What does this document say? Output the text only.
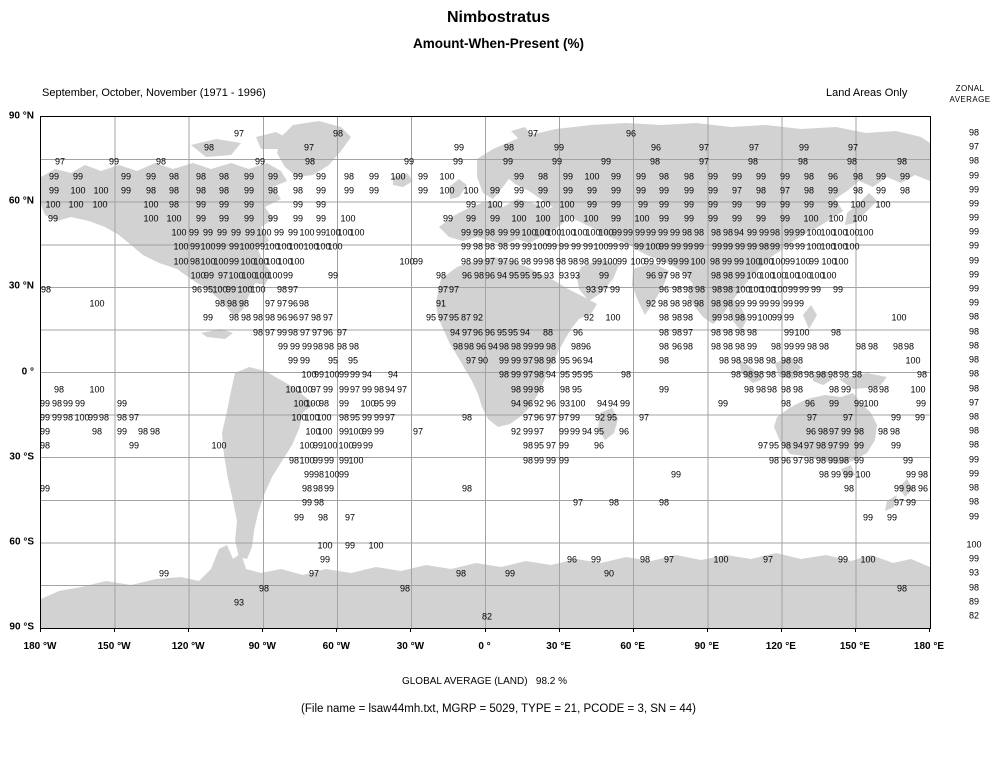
Nimbostratus
Amount-When-Present (%)
September, October, November (1971 - 1996)	Land Areas Only	ZONAL
AVERAGE
97	98	97	96
98	97	99	98	99	96	97	97	99	97
97	99	98	99	98	99	99	99	99	99	98	97	98	98	98	98
99 99	99 99 98 98 98 99 99 99 99 98 99 100 99 100	99 98 99 100 99 99 98 98 99 99 99 99 98 96 98 99 99
99 100 100 99 98 98 98 98 99 98 98 99 99 99	99 100 100 99 99 99 99 99 99 99 99 99 99 97 98 97 98 99 98 99 98
100 100 100	100 98 99 99 99	99 99	99 100 99 100 100 99 99 99 99 99 99 99 99 99 99 99 100 100
99	100 100 99 99 99 99 99 99 100	99 99 99 100 100 100 100 99 100 99 99 99 99 99 99 100 100 100
100 99 99 99 99 99 100 99 99 100 99 100
100
100	99 99 98 99 99 100
100
100
100
100
100
100
99 99 99 99 99 99 98 98 98 98 94 99 99 98 99 99 100
100
100
100
100
100 99 100 99 99 100 99 100
100
100 100
100
100	99 98 98 98 99 99 100 99 99 99 99 100 99 99 99 100
99 99 99 99 99 99 99 99 98 99 99 99 100
100
100
100
100 98 100
100 99 100
100
100
100
100	100
99	98 99 97 97 96 98 99 98 98 98 98 99 100 99 100
99 99 99 99 100 98 99 99 100
100
100 99 100
99 100
100
100
99 97 100
100
100
100 99	99	98 96 98 96 94 95 95 95 93 93 93 99	96 97 98 97 98 98 99 100
100
100
100
100
100
100
98	96 95 100
99 100
100 98 97	97 97	93 97 99	96 98 98 98 98 98 100
100
100
100 99 99 99 99
100	98 98 98 97 97 96 98	91	92 98 98 98 98 98 98 99 99 99 99 99 99
99 98 98 98 98 96 96 97 98 97	95 97 95 87 92	92 100	98 98 98 99 98 98 99 100 99 99	100
98 97 99 98 97 97 96 97	94 97 96 96 95 95 94 88 96	98 98 97 98 98 98 98	99 100 98
99 99 99 98 98 98 98	98 98 96 94 98 98 99 99 98 98 96	98 96 98 98 98 98 99 98 99 99 98 98	98 98 98 98
99 99 95 95	97 90 99 99 97 98 98 95 96 94	98	98 98 98 98 98 98 98	100
100
99 100 99 99 94 94	98 99 97 98 94 95 95 95	98	98 98 98 98 98 98 98 98 98 98 98	98
98	100	100
100
97 99 99 97 99 98 94 97	98 99 98 98 95	99	98 98 98 98 98	98 99 98 98 100
99 98 99 99	99	100
100
98 99 100
95 99	94 96 92 96 93 100 94 94 99	99	98 96 99 99 100	99
99 99 98 100
99 98 98 97	100
100
100 98 95 99 99 97	98	97 96 97 97 99 92 95 97	97	97	99 99
99	98 99 98 98	100
100 99 100
99 99	97	92 99 97 99 99 94 95 96	96 98 97 99 98 98 98
98	99	100	100
99 100 100
99 99	98 95 97 99	96	97 95 98 94 97 98 97 99 99	99
98 100
99 99 99 100	98 99 99 99	98 96 97 98 98 99 98 99	99
99 98 100 99	99	98 99 99 100	99 98
99	98 98 99	98	98	99 98 96
99 98	97	98	98	97 99
99 98 97	99 99
100 99 100
99	96 99	98 97	100	97	99 100
99	97	98	99	90
98	98	98
93
82
98
97
98
99
99
99
99
99
99
99
99
99
99
98
98
98
98
98
98
97
98
98
98
99
99
98
98
99
100
99
93
98
89
82
90 °N
60 °N
30 °N
0 °
30 °S
60 °S
90 °S
180 °W	150 °W	120 °W	90 °W	60 °W	30 °W	0 °	30 °E	60 °E	90 °E	120 °E	150 °E	180 °E
GLOBAL AVERAGE (LAND)   98.2 %
(File name = lsaw44mh.txt, MGRP = 5029, TYPE = 21, PCODE = 3, SN = 44)
